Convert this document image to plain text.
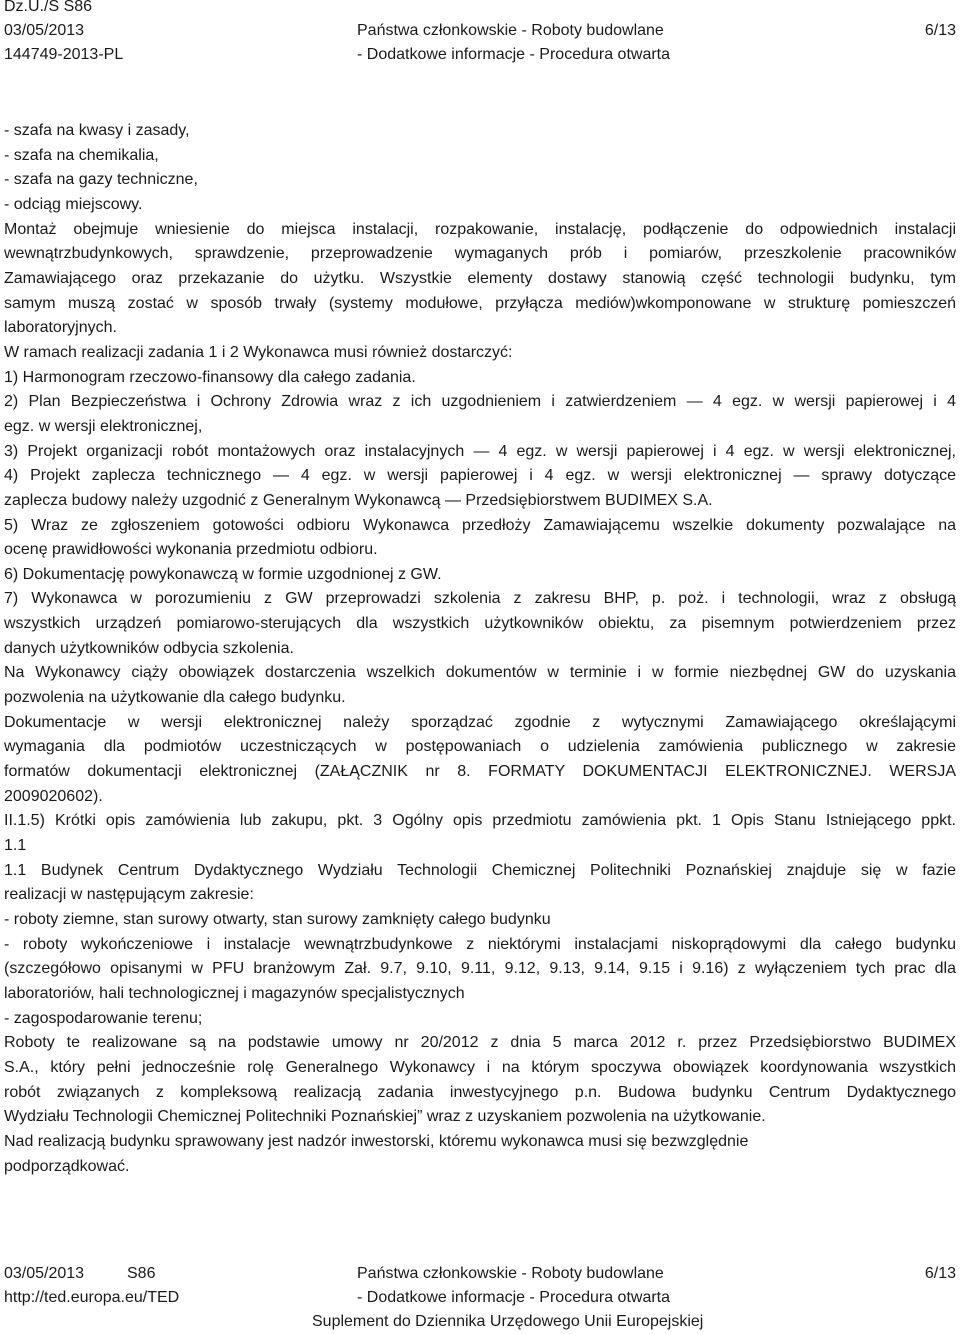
Dz.U./S S86
03/05/2013	Państwa członkowskie - Roboty budowlane	6/13
144749-2013-PL	- Dodatkowe informacje - Procedura otwarta
- szafa na kwasy i zasady,
- szafa na chemikalia,
- szafa na gazy techniczne,
- odciąg miejscowy.
Montaż obejmuje wniesienie do miejsca instalacji, rozpakowanie, instalację, podłączenie do odpowiednich instalacji
wewnątrzbudynkowych, sprawdzenie, przeprowadzenie wymaganych prób i pomiarów, przeszkolenie pracowników
Zamawiającego oraz przekazanie do użytku. Wszystkie elementy dostawy stanowią część technologii budynku, tym
samym muszą zostać w sposób trwały (systemy modułowe, przyłącza mediów)wkomponowane w strukturę pomieszczeń
laboratoryjnych.
W ramach realizacji zadania 1 i 2 Wykonawca musi również dostarczyć:
1) Harmonogram rzeczowo-finansowy dla całego zadania.
2) Plan Bezpieczeństwa i Ochrony Zdrowia wraz z ich uzgodnieniem i zatwierdzeniem — 4 egz. w wersji papierowej i 4
egz. w wersji elektronicznej,
3) Projekt organizacji robót montażowych oraz instalacyjnych — 4 egz. w wersji papierowej i 4 egz. w wersji elektronicznej,
4) Projekt zaplecza technicznego — 4 egz. w wersji papierowej i 4 egz. w wersji elektronicznej — sprawy dotyczące
zaplecza budowy należy uzgodnić z Generalnym Wykonawcą — Przedsiębiorstwem BUDIMEX S.A.
5) Wraz ze zgłoszeniem gotowości odbioru Wykonawca przedłoży Zamawiającemu wszelkie dokumenty pozwalające na
ocenę prawidłowości wykonania przedmiotu odbioru.
6) Dokumentację powykonawczą w formie uzgodnionej z GW.
7) Wykonawca w porozumieniu z GW przeprowadzi szkolenia z zakresu BHP, p. poż. i technologii, wraz z obsługą
wszystkich urządzeń pomiarowo-sterujących dla wszystkich użytkowników obiektu, za pisemnym potwierdzeniem przez
danych użytkowników odbycia szkolenia.
Na Wykonawcy ciąży obowiązek dostarczenia wszelkich dokumentów w terminie i w formie niezbędnej GW do uzyskania
pozwolenia na użytkowanie dla całego budynku.
Dokumentacje w wersji elektronicznej należy sporządzać zgodnie z wytycznymi Zamawiającego określającymi
wymagania dla podmiotów uczestniczących w postępowaniach o udzielenia zamówienia publicznego w zakresie
formatów dokumentacji elektronicznej (ZAŁĄCZNIK nr 8. FORMATY DOKUMENTACJI ELEKTRONICZNEJ. WERSJA
2009020602).
II.1.5) Krótki opis zamówienia lub zakupu, pkt. 3 Ogólny opis przedmiotu zamówienia pkt. 1 Opis Stanu Istniejącego ppkt.
1.1
1.1 Budynek Centrum Dydaktycznego Wydziału Technologii Chemicznej Politechniki Poznańskiej znajduje się w fazie
realizacji w następującym zakresie:
- roboty ziemne, stan surowy otwarty, stan surowy zamknięty całego budynku
- roboty wykończeniowe i instalacje wewnątrzbudynkowe z niektórymi instalacjami niskoprądowymi dla całego budynku
(szczegółowo opisanymi w PFU branżowym Zał. 9.7, 9.10, 9.11, 9.12, 9.13, 9.14, 9.15 i 9.16) z wyłączeniem tych prac dla
laboratoriów, hali technologicznej i magazynów specjalistycznych
- zagospodarowanie terenu;
Roboty te realizowane są na podstawie umowy nr 20/2012 z dnia 5 marca 2012 r. przez Przedsiębiorstwo BUDIMEX
S.A., który pełni jednocześnie rolę Generalnego Wykonawcy i na którym spoczywa obowiązek koordynowania wszystkich
robót związanych z kompleksową realizacją zadania inwestycyjnego p.n. Budowa budynku Centrum Dydaktycznego
Wydziału Technologii Chemicznej Politechniki Poznańskiej” wraz z uzyskaniem pozwolenia na użytkowanie.
Nad realizacją budynku sprawowany jest nadzór inwestorski, któremu wykonawca musi się bezwzględnie
podporządkować.
03/05/2013	S86	Państwa członkowskie - Roboty budowlane	6/13
http://ted.europa.eu/TED	- Dodatkowe informacje - Procedura otwarta
Suplement do Dziennika Urzędowego Unii Europejskiej
